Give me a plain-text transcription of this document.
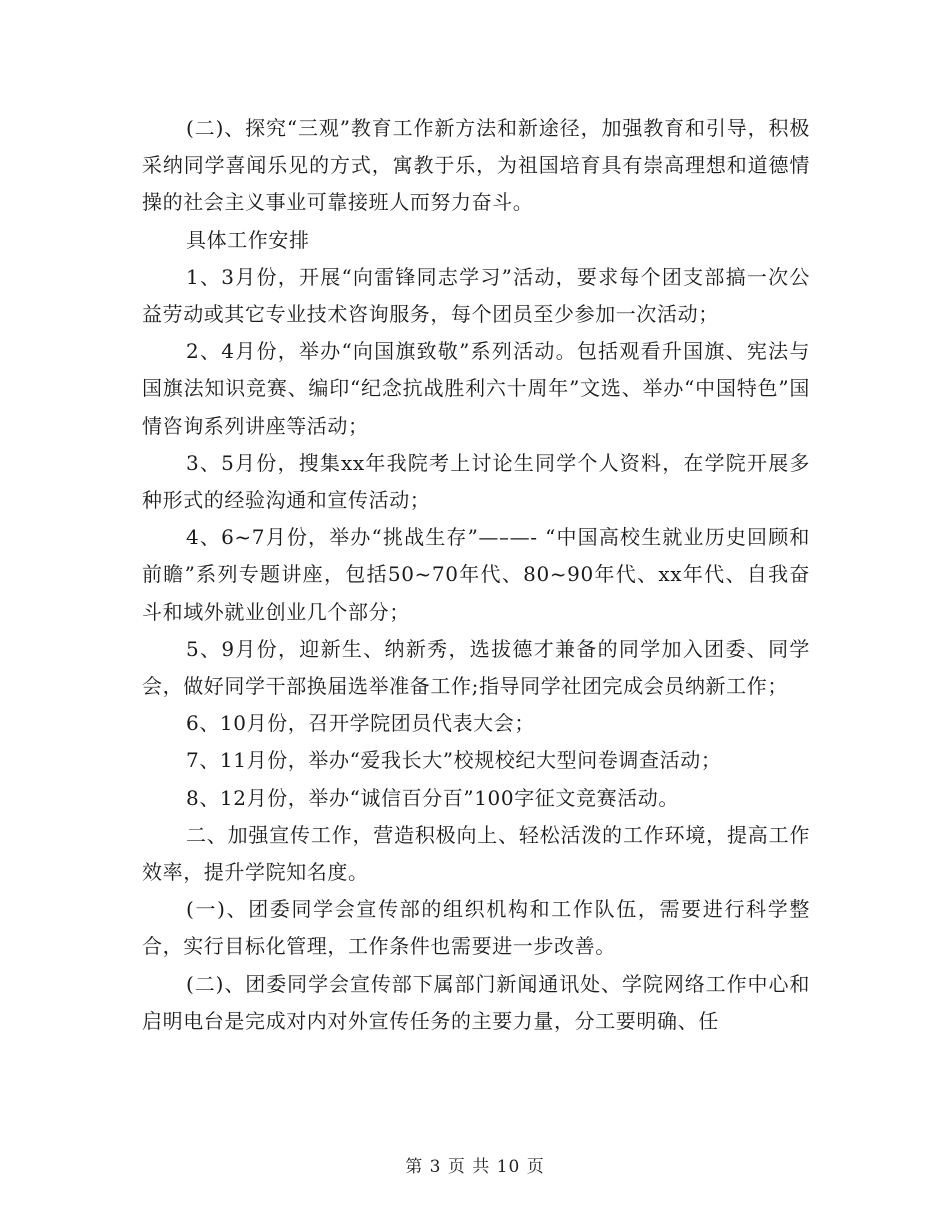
(二)、探究“三观”教育工作新方法和新途径，加强教育和引导，积极采纳同学喜闻乐见的方式，寓教于乐，为祖国培育具有崇高理想和道德情操的社会主义事业可靠接班人而努力奋斗。

具体工作安排

1、3月份，开展“向雷锋同志学习”活动，要求每个团支部搞一次公益劳动或其它专业技术咨询服务，每个团员至少参加一次活动；

2、4月份，举办“向国旗致敬”系列活动。包括观看升国旗、宪法与国旗法知识竞赛、编印“纪念抗战胜利六十周年”文选、举办“中国特色”国情咨询系列讲座等活动；

3、5月份，搜集xx年我院考上讨论生同学个人资料，在学院开展多种形式的经验沟通和宣传活动；

4、6~7月份，举办“挑战生存”—–—- “中国高校生就业历史回顾和前瞻”系列专题讲座，包括50~70年代、80~90年代、xx年代、自我奋斗和域外就业创业几个部分；

5、9月份，迎新生、纳新秀，选拔德才兼备的同学加入团委、同学会，做好同学干部换届选举准备工作;指导同学社团完成会员纳新工作；

6、10月份，召开学院团员代表大会；

7、11月份，举办“爱我长大”校规校纪大型问卷调查活动；

8、12月份，举办“诚信百分百”100字征文竞赛活动。

二、加强宣传工作，营造积极向上、轻松活泼的工作环境，提高工作效率，提升学院知名度。

(一)、团委同学会宣传部的组织机构和工作队伍，需要进行科学整合，实行目标化管理，工作条件也需要进一步改善。

(二)、团委同学会宣传部下属部门新闻通讯处、学院网络工作中心和启明电台是完成对内对外宣传任务的主要力量，分工要明确、任

第 3 页 共 10 页
